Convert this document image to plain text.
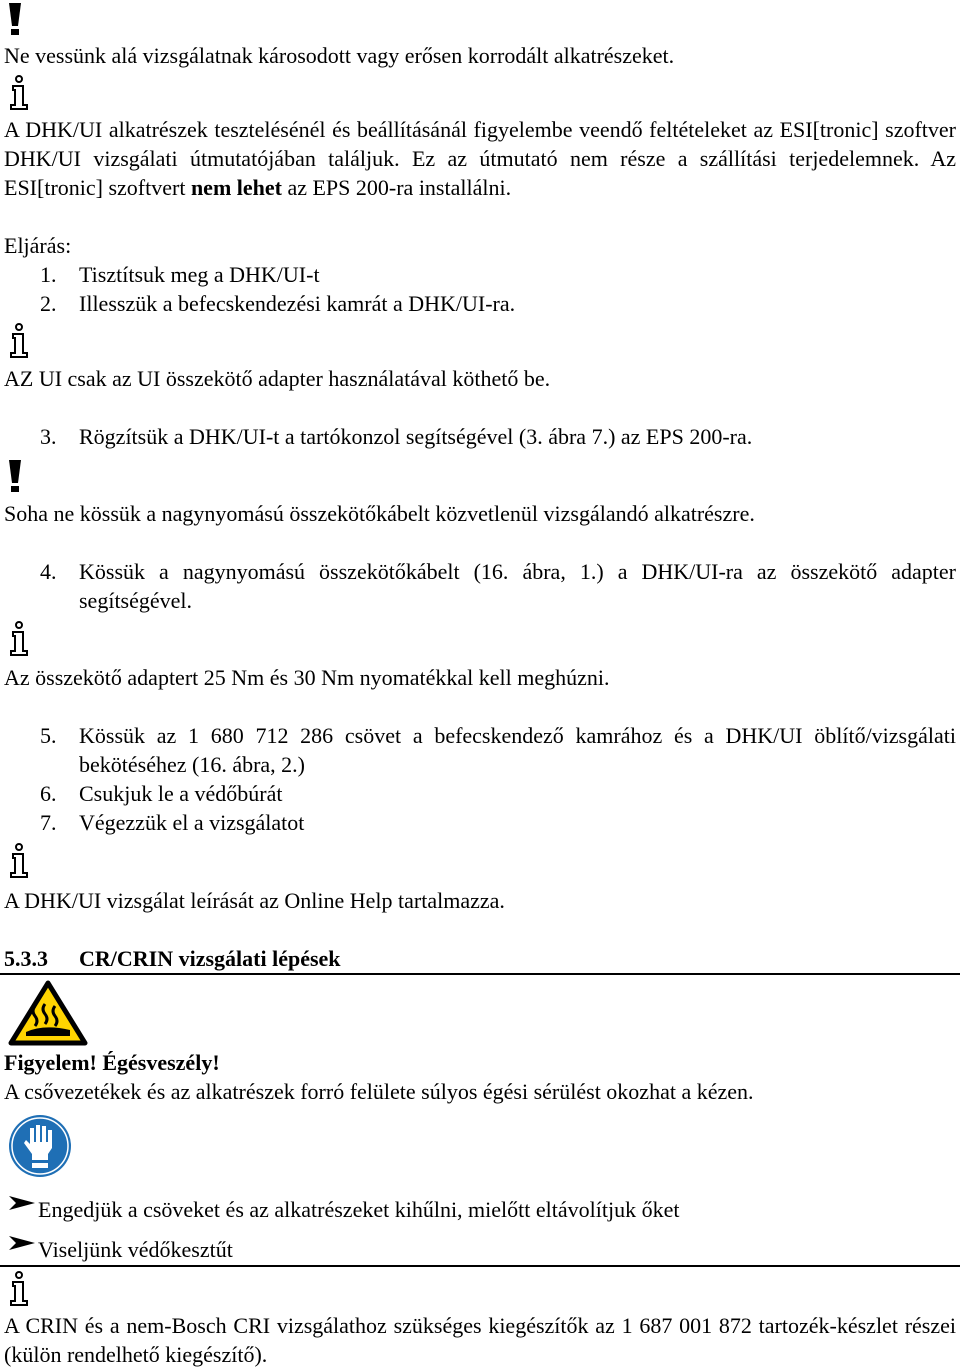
Ne vessünk alá vizsgálatnak károsodott vagy erősen korrodált alkatrészeket.
A DHK/UI alkatrészek tesztelésénél és beállításánál figyelembe veendő feltételeket az ESI[tronic] szoftver DHK/UI vizsgálati útmutatójában találjuk. Ez az útmutató nem része a szállítási terjedelemnek. Az ESI[tronic] szoftvert nem lehet az EPS 200-ra installálni.
Eljárás:
1. Tisztítsuk meg a DHK/UI-t
2. Illesszük a befecskendezési kamrát a DHK/UI-ra.
AZ UI csak az UI összekötő adapter használatával köthető be.
3. Rögzítsük a DHK/UI-t a tartókonzol segítségével (3. ábra 7.) az EPS 200-ra.
Soha ne kössük a nagynyomású összekötőkábelt közvetlenül vizsgálandó alkatrészre.
4. Kössük a nagynyomású összekötőkábelt (16. ábra, 1.) a DHK/UI-ra az összekötő adapter segítségével.
Az összekötő adaptert 25 Nm és 30 Nm nyomatékkal kell meghúzni.
5. Kössük az 1 680 712 286 csövet a befecskendező kamrához és a DHK/UI öblítő/vizsgálati bekötéséhez (16. ábra, 2.)
6. Csukjuk le a védőbúrát
7. Végezzük el a vizsgálatot
A DHK/UI vizsgálat leírását az Online Help tartalmazza.
5.3.3 CR/CRIN vizsgálati lépések
Figyelem! Égésveszély!
A csővezetékek és az alkatrészek forró felülete súlyos égési sérülést okozhat a kézen.
Engedjük a csöveket és az alkatrészeket kihűlni, mielőtt eltávolítjuk őket
Viseljünk védőkesztűt
A CRIN és a nem-Bosch CRI vizsgálathoz szükséges kiegészítők az 1 687 001 872 tartozék-készlet részei (külön rendelhető kiegészítő).
